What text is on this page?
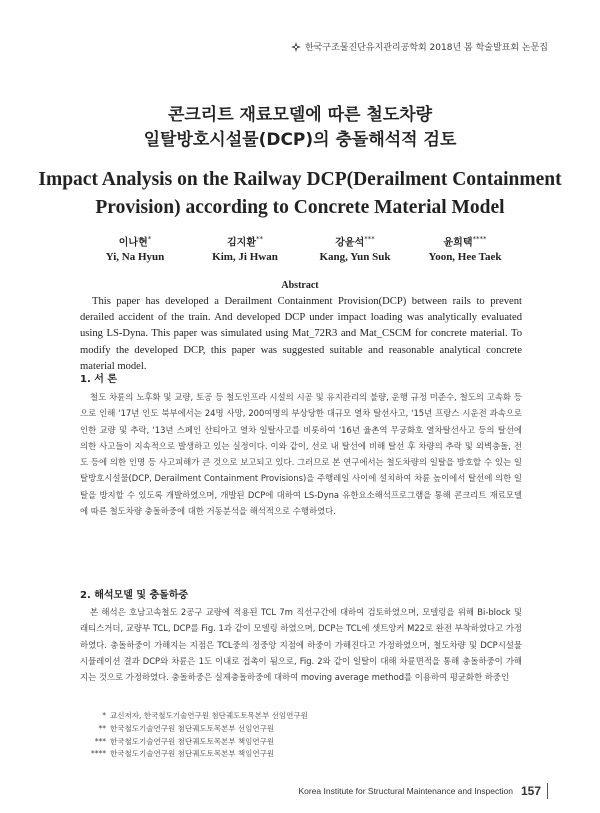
한국구조물진단유지관리공학회 2018년 봄 학술발표회 논문집
콘크리트 재료모델에 따른 철도차량
일탈방호시설물(DCP)의 충돌해석적 검토
Impact Analysis on the Railway DCP(Derailment Containment
Provision) according to Concrete Material Model
이나현*
Yi, Na Hyun
김지환**
Kim, Ji Hwan
강윤석***
Kang, Yun Suk
윤희택****
Yoon, Hee Taek
Abstract
This paper has developed a Derailment Containment Provision(DCP) between rails to prevent derailed accident of the train. And developed DCP under impact loading was analytically evaluated using LS-Dyna. This paper was simulated using Mat_72R3 and Mat_CSCM for concrete material. To modify the developed DCP, this paper was suggested suitable and reasonable analytical concrete material model.
1. 서 론
철도 차륜의 노후화 및 교량, 토공 등 철도인프라 시설의 시공 및 유지관리의 불량, 운행 규정 미준수, 철도의 고속화 등으로 인해 '17년 인도 북부에서는 24명 사망, 200여명의 부상당한 대규모 열차 탈선사고, '15년 프랑스 시운전 과속으로 인한 교량 및 추락, '13년 스페인 산티아고 열차 일탈사고를 비롯하여 '16년 율촌역 무궁화호 열차탈선사고 등의 탈선에 의한 사고들이 지속적으로 발생하고 있는 실정이다. 이와 같이, 선로 내 탈선에 비해 탈선 후 차량의 추락 및 외벽충돌, 전도 등에 의한 인명 등 사고피해가 큰 것으로 보고되고 있다. 그러므로 본 연구에서는 철도차량의 일탈을 방호할 수 있는 일탈방호시설물(DCP, Derailment Containment Provisions)을 주행레일 사이에 설치하여 차륜 높이에서 탈선에 의한 일탈을 방지할 수 있도록 개발하였으며, 개발된 DCP에 대하여 LS-Dyna 유한요소해석프로그램을 통해 콘크리트 재료모델에 따른 철도차량 충돌하중에 대한 거동분석을 해석적으로 수행하였다.
2. 해석모델 및 충돌하중
본 해석은 호남고속철도 2공구 교량에 적용된 TCL 7m 직선구간에 대하여 검토하였으며, 모델링을 위해 Bi-block 및 래티스거더, 교량부 TCL, DCP를 Fig. 1과 같이 모델링 하였으며, DCP는 TCL에 셋트앙커 M22로 완전 부착하였다고 가정하였다. 충돌하중이 가해지는 지점은 TCL중의 정중앙 지점에 하중이 가해진다고 가정하였으며, 철도차량 및 DCP시설물 시뮬레이션 결과 DCP와 차륜은 1도 이내로 접촉이 됨으로, Fig. 2와 같이 일탈이 대해 차륜면적을 통해 충돌하중이 가해지는 것으로 가정하였다. 충돌하중은 실제충돌하중에 대하여 moving average method를 이용하여 평균화한 하중인
* 교신저자, 한국철도기술연구원 첨단궤도토목본부 선임연구원
** 한국철도기술연구원 첨단궤도토목본부 선임연구원
*** 한국철도기술연구원 첨단궤도토목본부 책임연구원
**** 한국철도기술연구원 첨단궤도토목본부 책임연구원
Korea Institute for Structural Maintenance and Inspection 157
